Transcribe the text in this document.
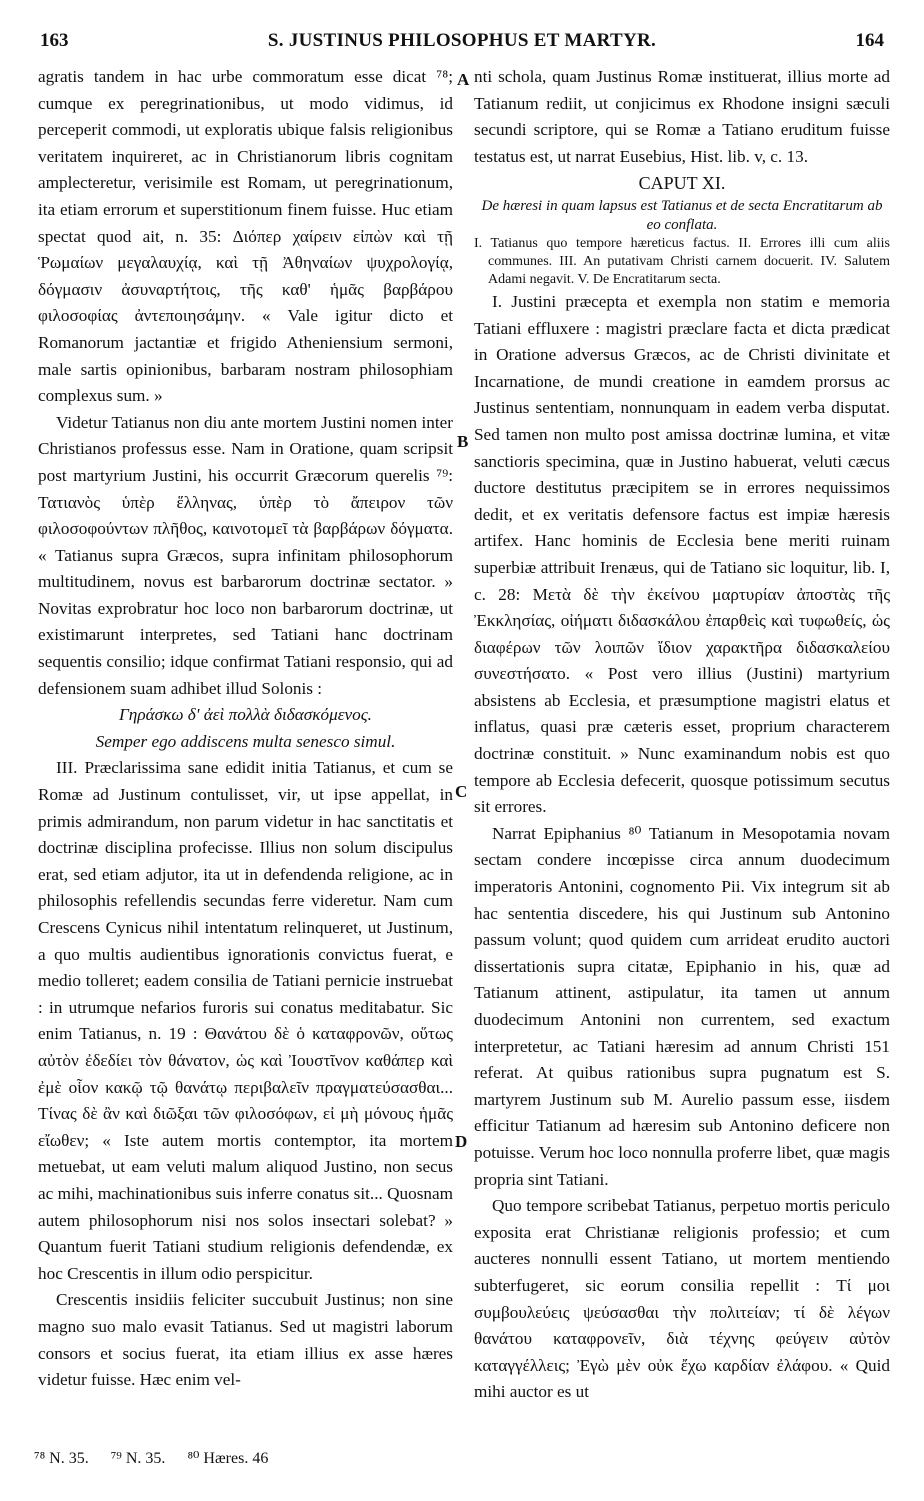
163	S. JUSTINUS PHILOSOPHUS ET MARTYR.	164

agratis tandem in hac urbe commoratum esse dicat ⁷⁸; cumque ex peregrinationibus, ut modo vidimus, id perceperit commodi, ut exploratis ubique falsis religionibus veritatem inquireret, ac in Christianorum libris cognitam amplecteretur, verisimile est Romam, ut peregrinationum, ita etiam errorum et superstitionum finem fuisse. Huc etiam spectat quod ait, n. 35: Διόπερ χαίρειν εἰπὼν καὶ τῇ Ῥωμαίων μεγαλαυχίᾳ, καὶ τῇ Ἀθηναίων ψυχρολογίᾳ, δόγμασιν ἀσυναρτήτοις, τῆς καθ' ἡμᾶς βαρβάρου φιλοσοφίας ἀντεποιησάμην. « Vale igitur dicto et Romanorum jactantiæ et frigido Atheniensium sermoni, male sartis opinionibus, barbaram nostram philosophiam complexus sum. »

Videtur Tatianus non diu ante mortem Justini nomen inter Christianos professus esse. Nam in Oratione, quam scripsit post martyrium Justini, his occurrit Græcorum querelis ⁷⁹: Τατιανὸς ὑπὲρ ἕλληνας, ὑπὲρ τὸ ἄπειρον τῶν φιλοσοφούντων πλῆθος, καινοτομεῖ τὰ βαρβάρων δόγματα. « Tatianus supra Græcos, supra infinitam philosophorum multitudinem, novus est barbarorum doctrinæ sectator. » Novitas exprobratur hoc loco non barbarorum doctrinæ, ut existimarunt interpretes, sed Tatiani hanc doctrinam sequentis consilio; idque confirmat Tatiani responsio, qui ad defensionem suam adhibet illud Solonis :

Γηράσκω δ' ἀεὶ πολλὰ διδασκόμενος.

Semper ego addiscens multa senesco simul.

III. Præclarissima sane edidit initia Tatianus, et cum se Romæ ad Justinum contulisset, vir, ut ipse appellat, in primis admirandum, non parum videtur in hac sanctitatis et doctrinæ disciplina profecisse. Illius non solum discipulus erat, sed etiam adjutor, ita ut in defendenda religione, ac in philosophis refellendis secundas ferre videretur. Nam cum Crescens Cynicus nihil intentatum relinqueret, ut Justinum, a quo multis audientibus ignorationis convictus fuerat, e medio tolleret; eadem consilia de Tatiani pernicie instruebat : in utrumque nefarios furoris sui conatus meditabatur. Sic enim Tatianus, n. 19 : Θανάτου δὲ ὁ καταφρονῶν, οὕτως αὐτὸν ἐδεδίει τὸν θάνατον, ὡς καὶ Ἰουστῖνον καθάπερ καὶ ἐμὲ οἷον κακῷ τῷ θανάτῳ περιβαλεῖν πραγματεύσασθαι... Τίνας δὲ ἂν καὶ διῶξαι τῶν φιλοσόφων, εἰ μὴ μόνους ἡμᾶς εἴωθεν; « Iste autem mortis contemptor, ita mortem metuebat, ut eam veluti malum aliquod Justino, non secus ac mihi, machinationibus suis inferre conatus sit... Quosnam autem philosophorum nisi nos solos insectari solebat? » Quantum fuerit Tatiani studium religionis defendendæ, ex hoc Crescentis in illum odio perspicitur.

Crescentis insidiis feliciter succubuit Justinus; non sine magno suo malo evasit Tatianus. Sed ut magistri laborum consors et socius fuerat, ita etiam illius ex asse hæres videtur fuisse. Hæc enim vel-

nti schola, quam Justinus Romæ instituerat, illius morte ad Tatianum rediit, ut conjicimus ex Rhodone insigni sæculi secundi scriptore, qui se Romæ a Tatiano eruditum fuisse testatus est, ut narrat Eusebius, Hist. lib. v, c. 13.

CAPUT XI.

De hæresi in quam lapsus est Tatianus et de secta Encratitarum ab eo conflata.

I. Tatianus quo tempore hæreticus factus. II. Errores illi cum aliis communes. III. An putativam Christi carnem docuerit. IV. Salutem Adami negavit. V. De Encratitarum secta.

I. Justini præcepta et exempla non statim e memoria Tatiani effluxere : magistri præclare facta et dicta prædicat in Oratione adversus Græcos, ac de Christi divinitate et Incarnatione, de mundi creatione in eamdem prorsus ac Justinus sententiam, nonnunquam in eadem verba disputat. Sed tamen non multo post amissa doctrinæ lumina, et vitæ sanctioris specimina, quæ in Justino habuerat, veluti cæcus ductore destitutus præcipitem se in errores nequissimos dedit, et ex veritatis defensore factus est impiæ hæresis artifex. Hanc hominis de Ecclesia bene meriti ruinam superbiæ attribuit Irenæus, qui de Tatiano sic loquitur, lib. I, c. 28: Μετὰ δὲ τὴν ἐκείνου μαρτυρίαν ἀποστὰς τῆς Ἐκκλησίας, οἰήματι διδασκάλου ἐπαρθεὶς καὶ τυφωθείς, ὡς διαφέρων τῶν λοιπῶν ἴδιον χαρακτῆρα διδασκαλείου συνεστήσατο. « Post vero illius (Justini) martyrium absistens ab Ecclesia, et præsumptione magistri elatus et inflatus, quasi præ cæteris esset, proprium characterem doctrinæ constituit. » Nunc examinandum nobis est quo tempore ab Ecclesia defecerit, quosque potissimum secutus sit errores.

Narrat Epiphanius ⁸⁰ Tatianum in Mesopotamia novam sectam condere incœpisse circa annum duodecimum imperatoris Antonini, cognomento Pii. Vix integrum sit ab hac sententia discedere, his qui Justinum sub Antonino passum volunt; quod quidem cum arrideat erudito auctori dissertationis supra citatæ, Epiphanio in his, quæ ad Tatianum attinent, astipulatur, ita tamen ut annum duodecimum Antonini non currentem, sed exactum interpretetur, ac Tatiani hæresim ad annum Christi 151 referat. At quibus rationibus supra pugnatum est S. martyrem Justinum sub M. Aurelio passum esse, iisdem efficitur Tatianum ad hæresim sub Antonino deficere non potuisse. Verum hoc loco nonnulla proferre libet, quæ magis propria sint Tatiani.

Quo tempore scribebat Tatianus, perpetuo mortis periculo exposita erat Christianæ religionis professio; et cum aucteres nonnulli essent Tatiano, ut mortem mentiendo subterfugeret, sic eorum consilia repellit : Τί μοι συμβουλεύεις ψεύσασθαι τὴν πολιτείαν; τί δὲ λέγων θανάτου καταφρονεῖν, διὰ τέχνης φεύγειν αὐτὸν καταγγέλλεις; Ἐγὼ μὲν οὐκ ἔχω καρδίαν ἐλάφου. « Quid mihi auctor es ut

A
B
C
D
⁷⁸ N. 35. ⁷⁹ N. 35. ⁸⁰ Hæres. 46
